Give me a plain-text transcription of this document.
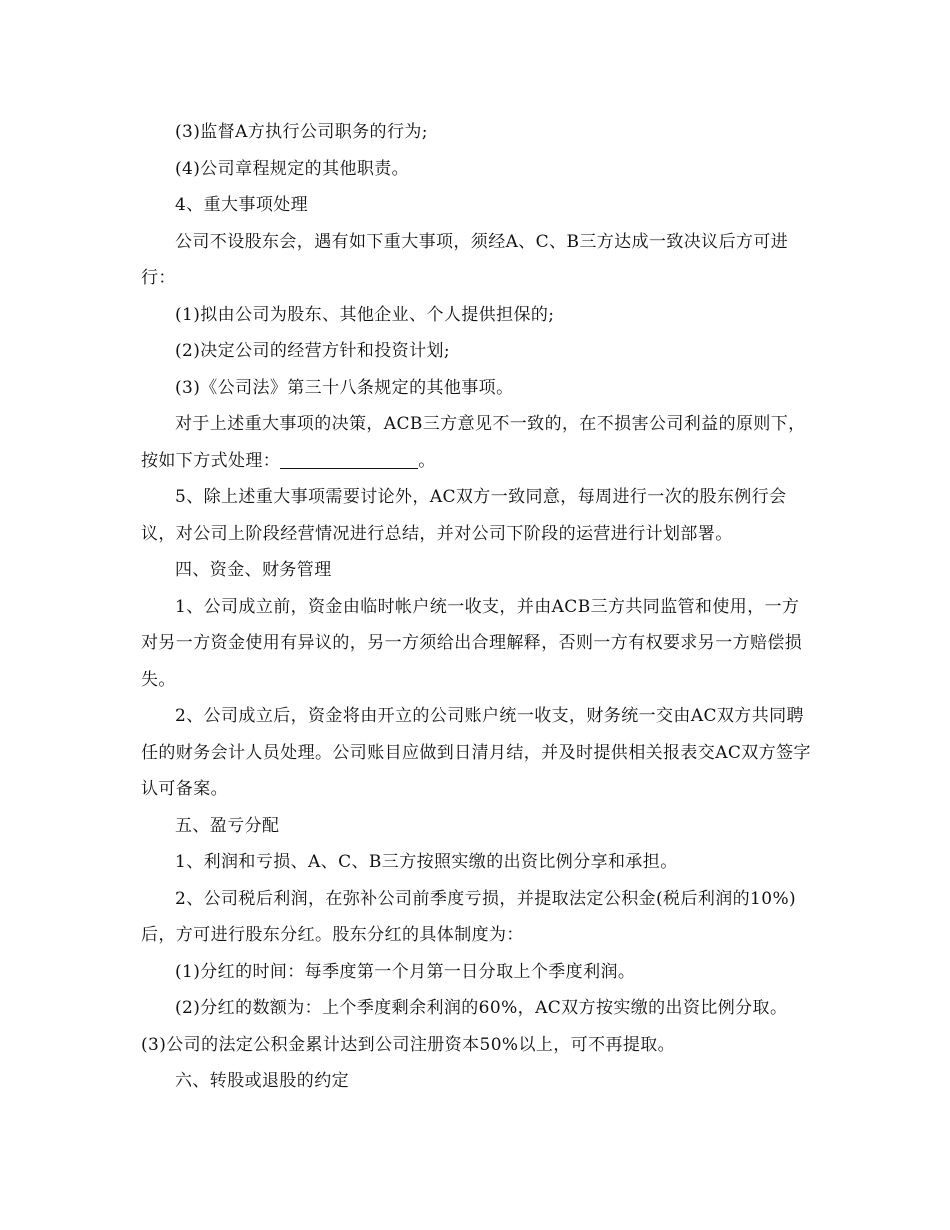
(3)监督A方执行公司职务的行为;

(4)公司章程规定的其他职责。

4、重大事项处理

公司不设股东会，遇有如下重大事项，须经A、C、B三方达成一致决议后方可进行：

(1)拟由公司为股东、其他企业、个人提供担保的;

(2)决定公司的经营方针和投资计划;

(3)《公司法》第三十八条规定的其他事项。

对于上述重大事项的决策，ACB三方意见不一致的，在不损害公司利益的原则下，按如下方式处理：	。

5、除上述重大事项需要讨论外，AC双方一致同意，每周进行一次的股东例行会议，对公司上阶段经营情况进行总结，并对公司下阶段的运营进行计划部署。

四、资金、财务管理

1、公司成立前，资金由临时帐户统一收支，并由ACB三方共同监管和使用，一方对另一方资金使用有异议的，另一方须给出合理解释，否则一方有权要求另一方赔偿损失。

2、公司成立后，资金将由开立的公司账户统一收支，财务统一交由AC双方共同聘任的财务会计人员处理。公司账目应做到日清月结，并及时提供相关报表交AC双方签字认可备案。

五、盈亏分配

1、利润和亏损、A、C、B三方按照实缴的出资比例分享和承担。

2、公司税后利润，在弥补公司前季度亏损，并提取法定公积金(税后利润的10%)后，方可进行股东分红。股东分红的具体制度为：

(1)分红的时间：每季度第一个月第一日分取上个季度利润。

(2)分红的数额为：上个季度剩余利润的60%，AC双方按实缴的出资比例分取。(3)公司的法定公积金累计达到公司注册资本50%以上，可不再提取。

六、转股或退股的约定
